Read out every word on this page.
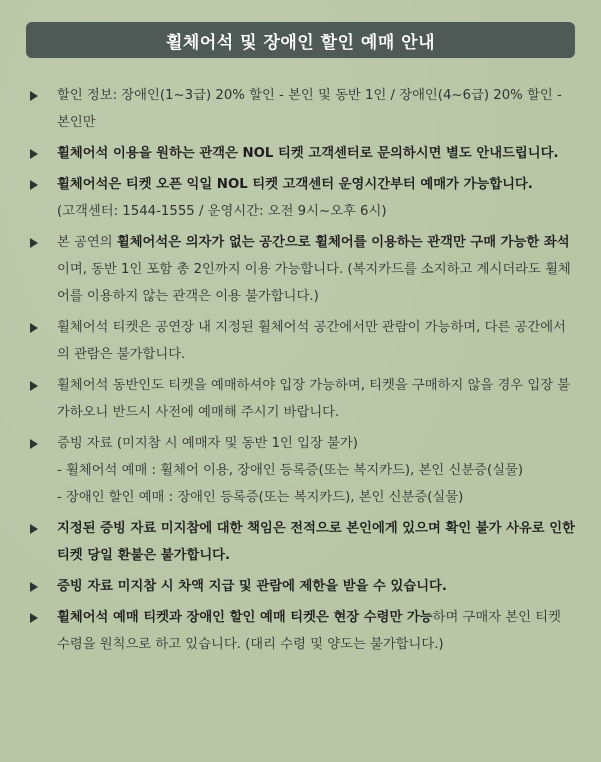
휠체어석 및 장애인 할인 예매 안내
할인 정보: 장애인(1~3급) 20% 할인 - 본인 및 동반 1인 / 장애인(4~6급) 20% 할인 - 본인만
휠체어석 이용을 원하는 관객은 NOL 티켓 고객센터로 문의하시면 별도 안내드립니다.
휠체어석은 티켓 오픈 익일 NOL 티켓 고객센터 운영시간부터 예매가 가능합니다.
(고객센터: 1544-1555 / 운영시간: 오전 9시~오후 6시)
본 공연의 휠체어석은 의자가 없는 공간으로 휠체어를 이용하는 관객만 구매 가능한 좌석이며, 동반 1인 포함 총 2인까지 이용 가능합니다. (복지카드를 소지하고 계시더라도 휠체어를 이용하지 않는 관객은 이용 불가합니다.)
휠체어석 티켓은 공연장 내 지정된 휠체어석 공간에서만 관람이 가능하며, 다른 공간에서의 관람은 불가합니다.
휠체어석 동반인도 티켓을 예매하셔야 입장 가능하며, 티켓을 구매하지 않을 경우 입장 불가하오니 반드시 사전에 예매해 주시기 바랍니다.
증빙 자료 (미지참 시 예매자 및 동반 1인 입장 불가)
- 휠체어석 예매 : 휠체어 이용, 장애인 등록증(또는 복지카드), 본인 신분증(실물)
- 장애인 할인 예매 : 장애인 등록증(또는 복지카드), 본인 신분증(실물)
지정된 증빙 자료 미지참에 대한 책임은 전적으로 본인에게 있으며 확인 불가 사유로 인한 티켓 당일 환불은 불가합니다.
증빙 자료 미지참 시 차액 지급 및 관람에 제한을 받을 수 있습니다.
휠체어석 예매 티켓과 장애인 할인 예매 티켓은 현장 수령만 가능하며 구매자 본인 티켓 수령을 원칙으로 하고 있습니다. (대리 수령 및 양도는 불가합니다.)
